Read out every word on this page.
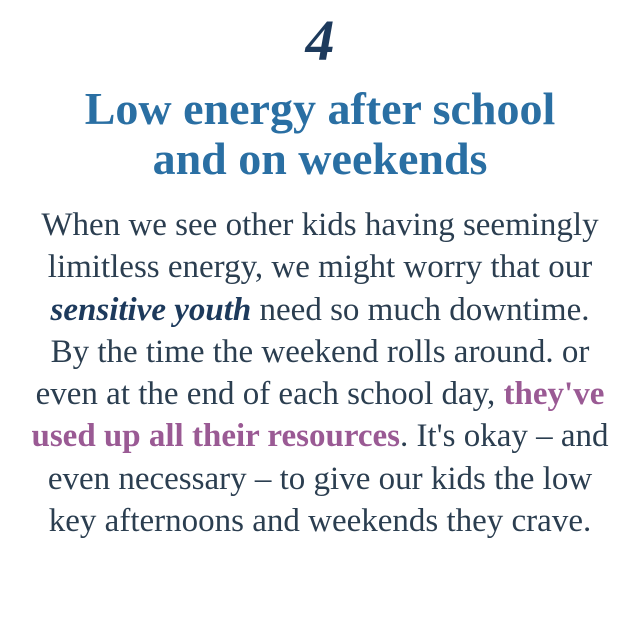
4
Low energy after school
and on weekends

When we see other kids having seemingly
limitless energy, we might worry that our
sensitive youth need so much downtime.
By the time the weekend rolls around. or
even at the end of each school day, they've
used up all their resources. It's okay – and
even necessary – to give our kids the low
key afternoons and weekends they crave.
